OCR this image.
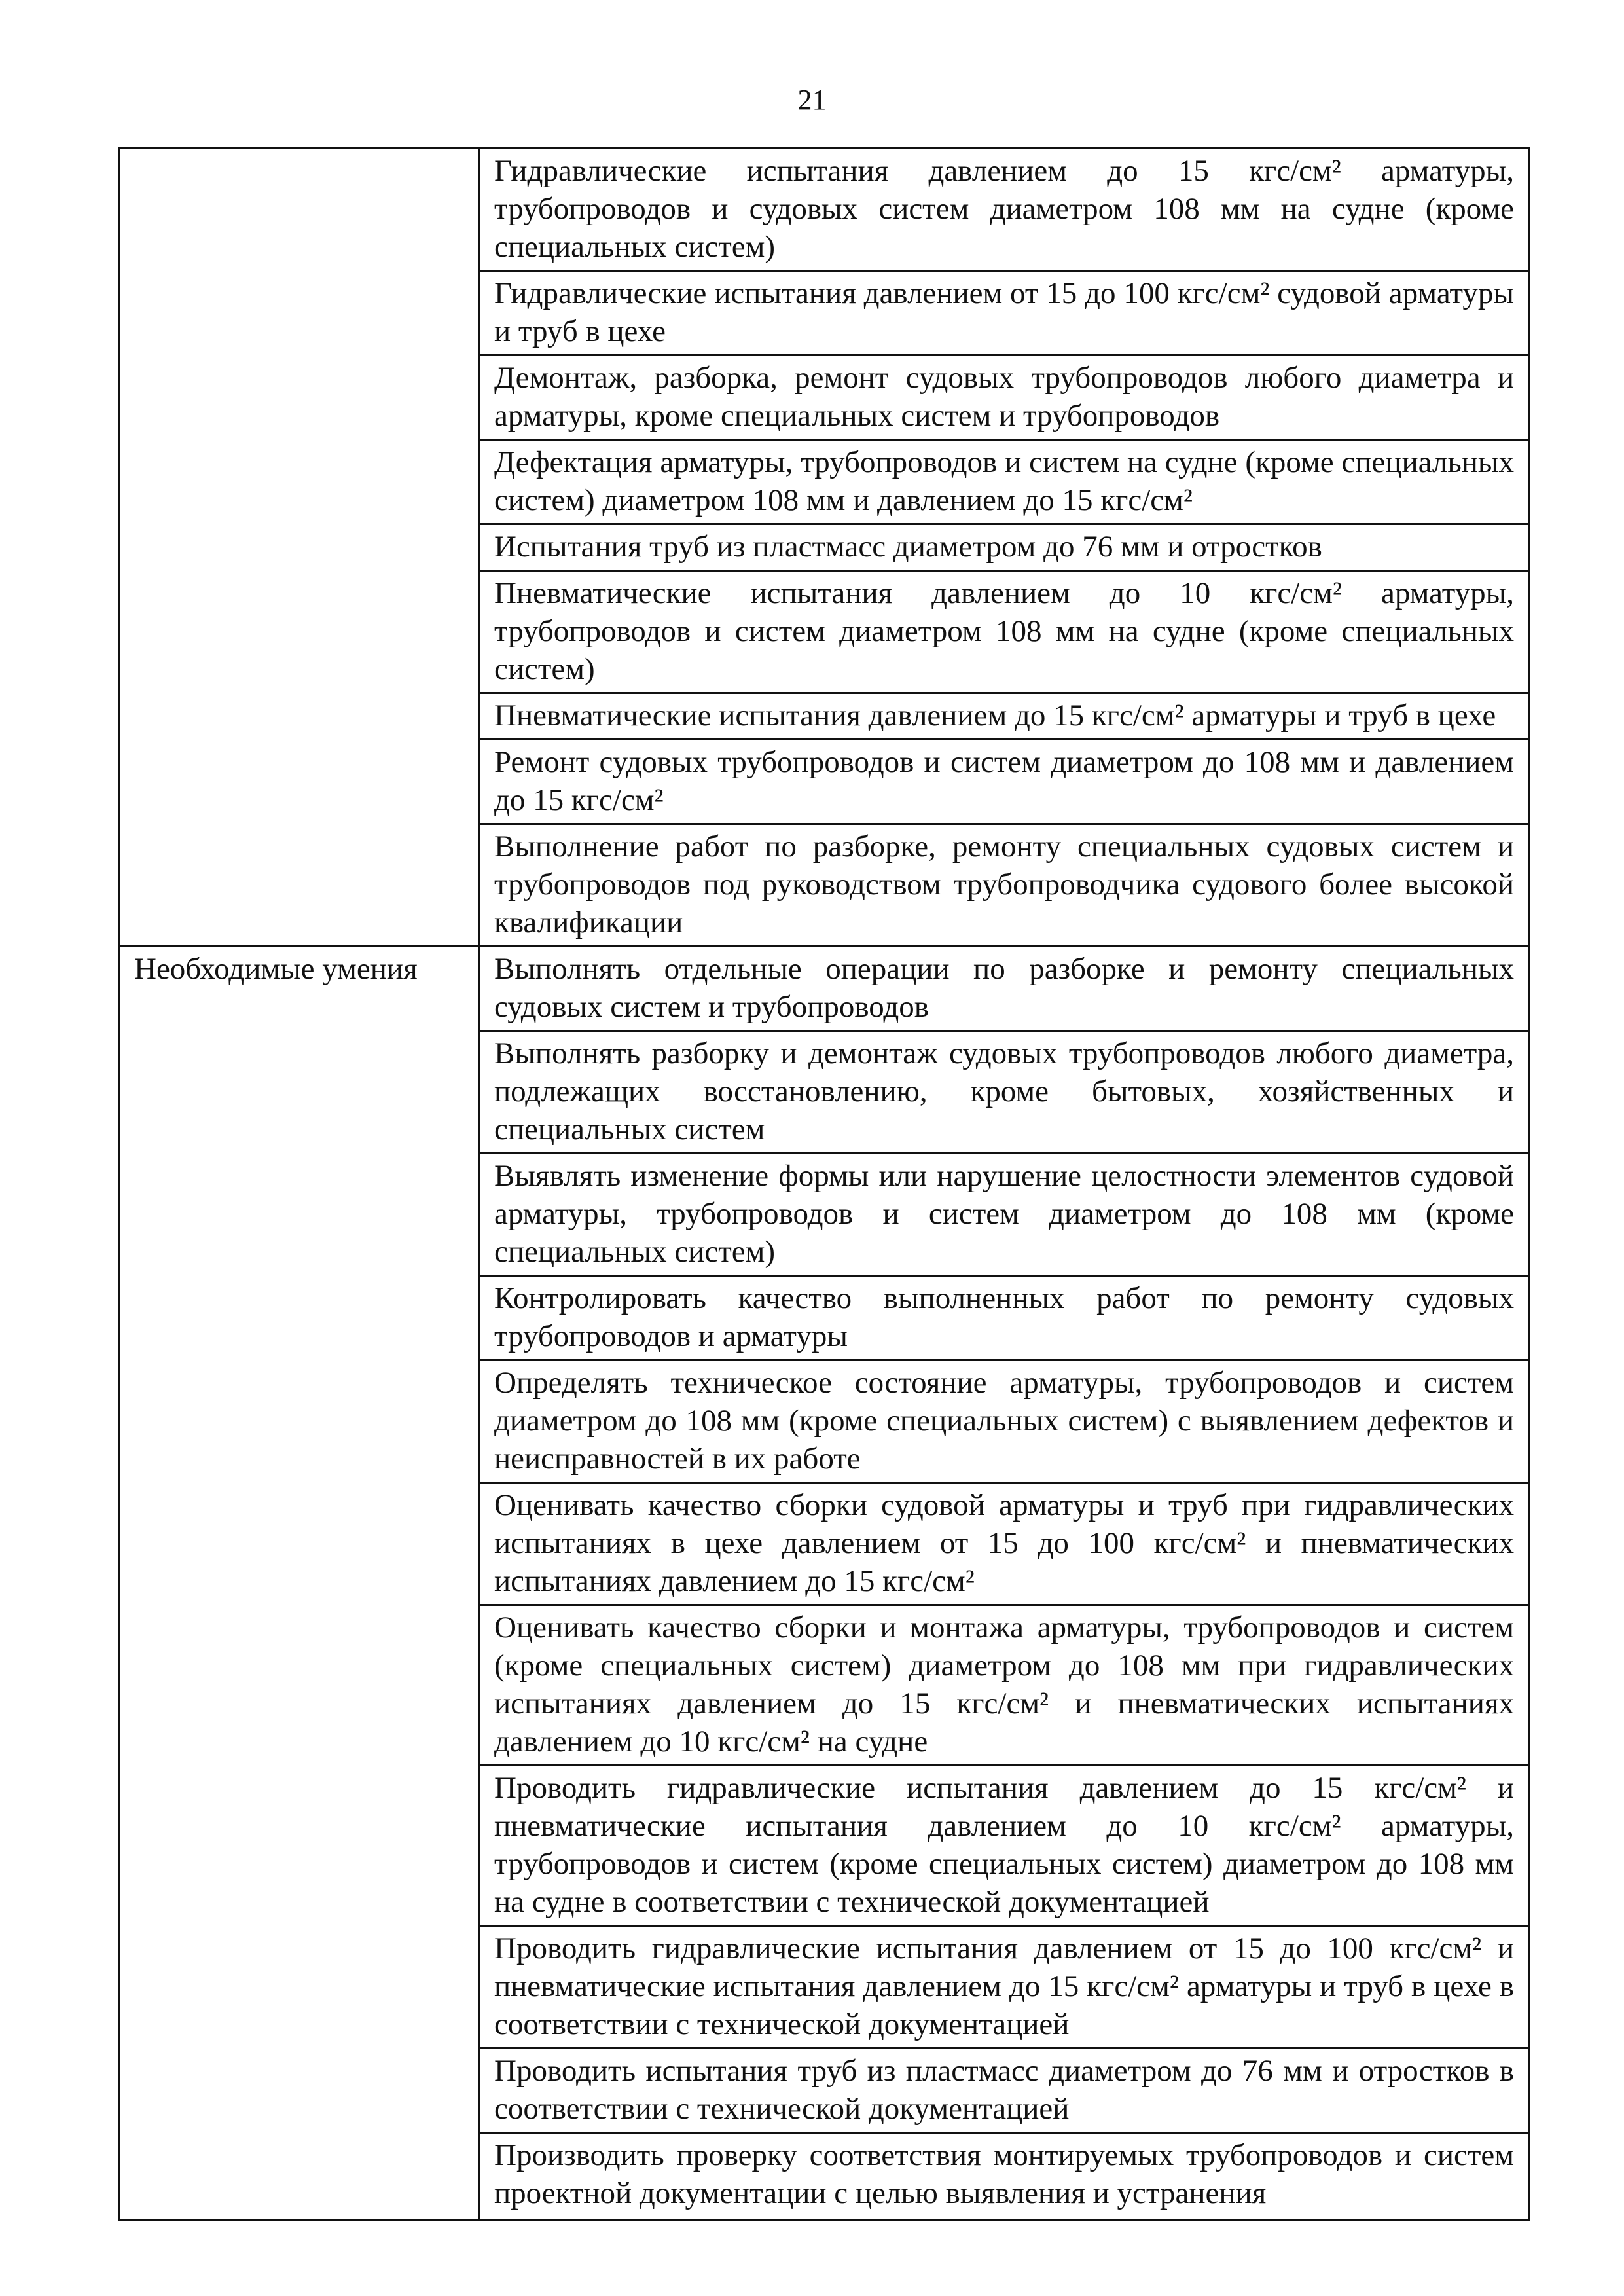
21
	Гидравлические испытания давлением до 15 кгс/см² арматуры, трубопроводов и судовых систем диаметром 108 мм на судне (кроме специальных систем)
	Гидравлические испытания давлением от 15 до 100 кгс/см² судовой арматуры и труб в цехе
	Демонтаж, разборка, ремонт судовых трубопроводов любого диаметра и арматуры, кроме специальных систем и трубопроводов
	Дефектация арматуры, трубопроводов и систем на судне (кроме специальных систем) диаметром 108 мм и давлением до 15 кгс/см²
	Испытания труб из пластмасс диаметром до 76 мм и отростков
	Пневматические испытания давлением до 10 кгс/см² арматуры, трубопроводов и систем диаметром 108 мм на судне (кроме специальных систем)
	Пневматические испытания давлением до 15 кгс/см² арматуры и труб в цехе
	Ремонт судовых трубопроводов и систем диаметром до 108 мм и давлением до 15 кгс/см²
	Выполнение работ по разборке, ремонту специальных судовых систем и трубопроводов под руководством трубопроводчика судового более высокой квалификации
Необходимые умения	Выполнять отдельные операции по разборке и ремонту специальных судовых систем и трубопроводов
	Выполнять разборку и демонтаж судовых трубопроводов любого диаметра, подлежащих восстановлению, кроме бытовых, хозяйственных и специальных систем
	Выявлять изменение формы или нарушение целостности элементов судовой арматуры, трубопроводов и систем диаметром до 108 мм (кроме специальных систем)
	Контролировать качество выполненных работ по ремонту судовых трубопроводов и арматуры
	Определять техническое состояние арматуры, трубопроводов и систем диаметром до 108 мм (кроме специальных систем) с выявлением дефектов и неисправностей в их работе
	Оценивать качество сборки судовой арматуры и труб при гидравлических испытаниях в цехе давлением от 15 до 100 кгс/см² и пневматических испытаниях давлением до 15 кгс/см²
	Оценивать качество сборки и монтажа арматуры, трубопроводов и систем (кроме специальных систем) диаметром до 108 мм при гидравлических испытаниях давлением до 15 кгс/см² и пневматических испытаниях давлением до 10 кгс/см² на судне
	Проводить гидравлические испытания давлением до 15 кгс/см² и пневматические испытания давлением до 10 кгс/см² арматуры, трубопроводов и систем (кроме специальных систем) диаметром до 108 мм на судне в соответствии с технической документацией
	Проводить гидравлические испытания давлением от 15 до 100 кгс/см² и пневматические испытания давлением до 15 кгс/см² арматуры и труб в цехе в соответствии с технической документацией
	Проводить испытания труб из пластмасс диаметром до 76 мм и отростков в соответствии с технической документацией
	Производить проверку соответствия монтируемых трубопроводов и систем проектной документации с целью выявления и устранения
